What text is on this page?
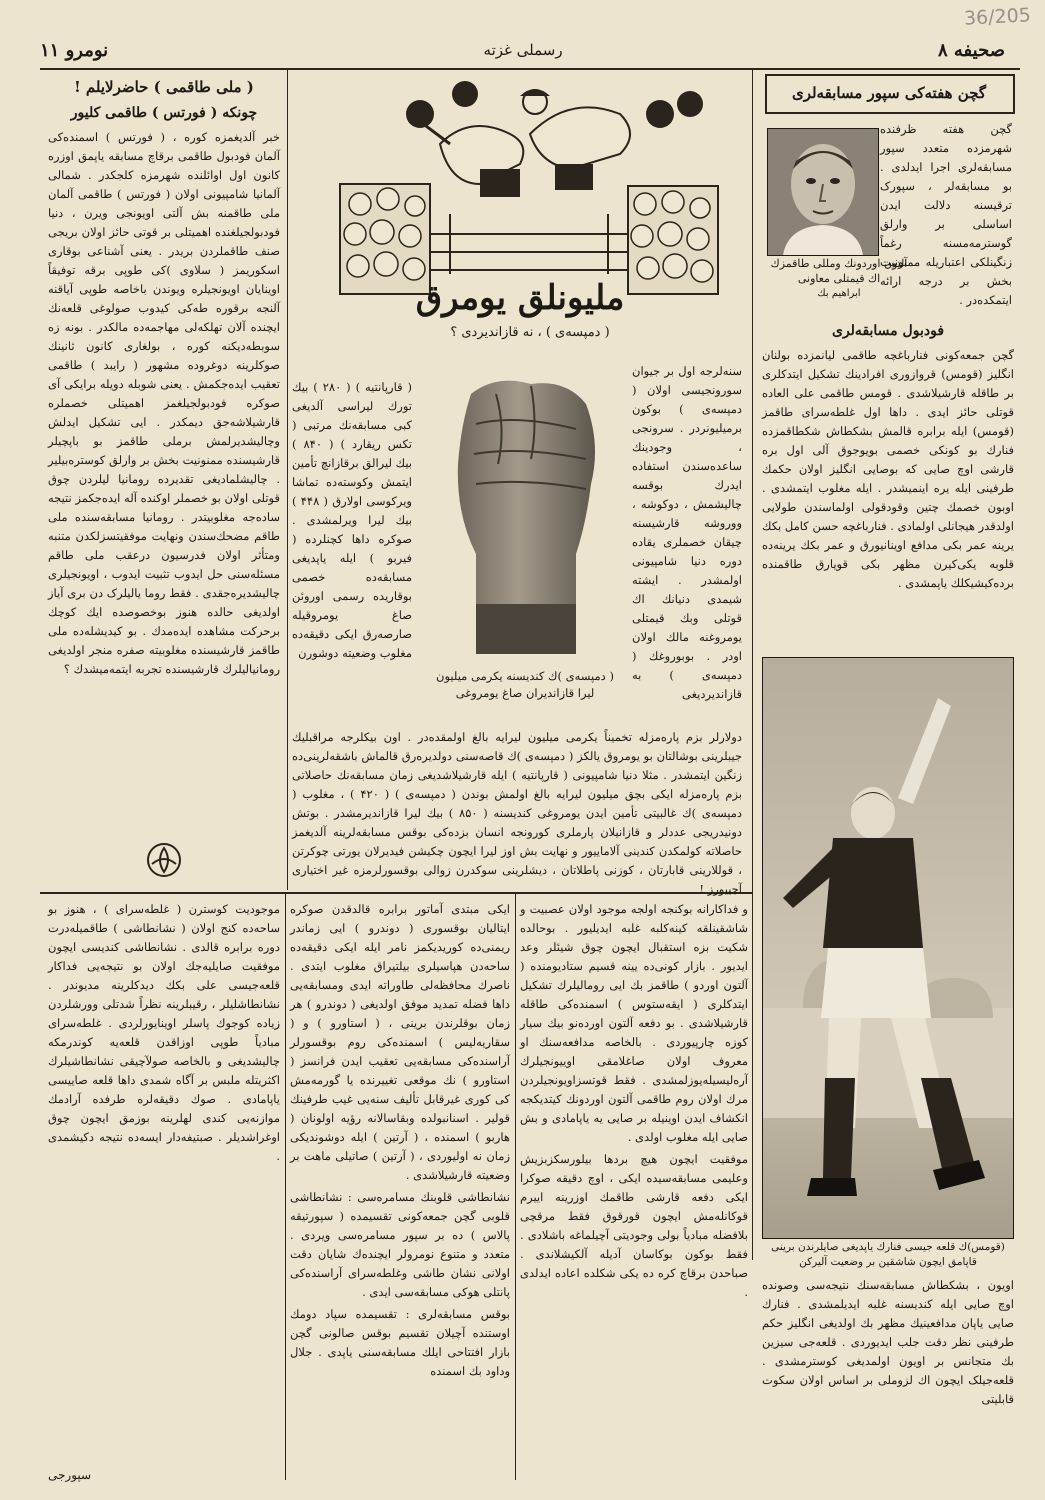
36/205
صحیفه ۸
رسملی غزته
نومرو ۱۱
گچن هفته‌کی سپور مسابقه‌لری

گچن هفته ظرفنده شهرمزده متعدد سپور مسابقه‌لری اجرا ایدلدی . بو مسابقه‌لر ، سپورک ترقیسنه دلالت ایدن اساسلی بر وارلق گوسترمه‌مسنه رغماً زنگینلکی اعتباریله ممنونیت بخش بر درجه ارائه ایتمکده‌در .

آلتون اوردونك ومللی طاقمزك
اك قیمتلی معاونی
ابراهیم بك
فودبول مسابقه‌لری

گچن جمعه‌کونی فنارباغچه طاقمی لیانمزده بولنان انگلیز (قومس) قروازوری افرادینك تشکیل ایتدکلری بر طاقله قارشیلاشدی . قومس طاقمی علی العاده قوتلی حائز ایدی . داها اول غلطه‌سرای طاقمز (قومس) ایله برابره قالمش بشکطاش شکطاقمزده فنارك بو کونکی خصمی بویوجوق آلی اول بره قارشی اوچ صایی که بوصایی انگلیز اولان حکمك طرفینی ایله یره اینمیشدر . ایله مغلوب ایتمشدی . اوبون خصمك چتین وقودقولی اولماسندن طولایی اولدقدر هیجانلی اولمادی . فنارباغچه حسن کامل بکك یرینه عمر بکی مدافع اوینانیورق و عمر بکك یرینه‌ده قلوبه یکی‌کیرن مظهر بکی قویارق طاقمنده برده‌کیشیکلك یاپمشدی .

(قومس)ك قلعه جیسی فنارك یاپدیغی صایلرندن برینی قاپامق ایچون شاشقین بر وضعیت آلیرکن

اویون ، بشکطاش مسابقه‌سنك نتیجه‌سی وصونده اوچ صایی ایله کندیسنه غلبه ایدیلمشدی . فنارك صایی یاپان مدافعینیك مظهر بك اولدیغی انگلیز حکم طرفینی نظر دقت جلب ایدیوردی . قلعه‌جی سیزین بك متجانس بر اویون اولمدیغی کوسترمشدی . قلعه‌جیلک ایچون اك لزوملی بر اساس اولان سکوت قابلیتی

( ملی طاقمی ) حاضرلایلم !
چونکه ( فورتس ) طاقمی کلیور

خبر آلدیغمزه کوره ، ( فورتس ) اسمنده‌کی آلمان فودبول طاقمی برقاچ مسابقه یاپمق اوزره کانون اول اوائلنده شهرمزه کلجکدر . شمالی آلمانیا شامپیونی اولان ( فورتس ) طاقمی آلمان ملی طاقمنه بش آلتی اویونجی ویرن ، دنیا فودبولجیلغنده اهمیتلی بر قوتی حائز اولان بریجی صنف طاقملردن بریدر . یعنی آشناعی بوقاری اسکوریمز ( سلاوی )کی طوپی برقه توفیقاً اوینایان اویونجیلره ویوندن باخاصه طوپی آیاقنه آلنجه برقوره طه‌کی کیدوب صولوغی قلعه‌نك ایچنده آلان تهلکه‌لی مهاجمه‌ده مالکدر . بونه زه سوبطه‌دیکنه کوره ، بولغاری کانون ثانینك صوکلرینه دوغرو‌ده مشهور ( رایبد ) طاقمی تعقیب ایده‌جکمش . یعنی شوبله دویله برایکی آی صوکره فودبولجیلغمز اهمیتلی خصملره قارشیلاشه‌جق دیمکدر . ایی تشکیل ایدلش وچالیشدیرلمش برملی طاقمز بو باپچیلر قارشیسنده ممنونیت بخش بر وارلق کوستره‌بیلیر . چالیشلمادیغی تقدیرده رومانیا لیلردن چوق قوتلی اولان بو خصملر اوکنده آله ایده‌جکمز نتیجه ساده‌جه مغلوبیتدر . رومانیا مسابقه‌سنده ملی طاقم مضحك‌سندن ونهایت موفقیتسزلکدن متنبه ومتأثر اولان فدرسیون درعقب ملی طاقم مسئله‌سنی حل ایدوب تثبیت ایدوب ، اویونجیلری چالیشدیره‌جقدی . فقط روما یالیلرک دن بری آیاز اولدیغی حالده هنوز بوخصوصده ایك کوچك برحرکت مشاهده ایده‌مدك . بو کیدیشله‌ده ملی طاقمز قارشیسنده مغلوبیته صفره منجر اولدیغی رومانیالیلرك قارشیسنده تجربه ایتمه‌میشدك ؟

ملیونلق یومرق
( دمپسه‌ی ) ، نه قازاندیردی ؟
( دمپسه‌ی )ك کندیسنه یکرمی میلیون
لیرا قازاندیران صاغ یومروغی

( قارپانتیه ) ( ۲۸۰ ) بیك تورك لیراسی آلدیغی کبی مسابقه‌نك مرتبی ( تکس ریقارد ) ( ۸۴۰ ) بیك لیرالق برقازانچ تأمین ایتمش وکوسته‌ده تماشا ویرکوسی اولارق ( ۴۴۸ ) بیك لیرا ویرلمشدی . صوکره داها کچنلرده ( فیربو ) ایله یاپدیغی مسابقه‌ده خصمی بوقاریده رسمی اوروئن صاغ یومروقیله صارصه‌رق ایکی دقیقه‌ده مغلوب وضعیته دوشورن

سنه‌لرجه اول بر جیوان سورونجیسی اولان ( دمپسه‌ی ) بوکون برمیلیونردر . سرونجی ، وجودینك ساعده‌سندن استفاده ایدرك بوقسه چالیشمش ، دوکوشه ، ووروشه قارشیسنه چیقان خصملری یقاده دوره دنیا شامپیونی اولمشدر . ایشته شیمدی دنیانك اك قوتلی وبك قیمتلی یومروغنه مالك اولان اودر . بوبوروغك ( دمپسه‌ی ) به قازاندیردیغی

دولارلر بزم پاره‌مزله تخمیناً یکرمی میلیون لیرایه بالغ اولمقده‌در . اون بیکلرجه مراقبلیك جیبلرینی بوشالتان بو یومروق یالکز ( دمپسه‌ی )ك قاصه‌سنی دولدیره‌رق قالماش باشقه‌لرینی‌ده زنگین ایتمشدر . مثلا دنیا شامپیونی ( قارپانتیه ) ایله قارشیلاشدیغی زمان مسابقه‌نك حاصلاتی بزم پاره‌مزله ایکی بچق میلیون لیرایه بالغ اولمش بوندن ( دمپسه‌ی ) ( ۴۲۰ ) ، مغلوب ( دمپسه‌ی )ك غالبیتی تأمین ایدن یومروغی کندیسنه ( ۸۵۰ ) بیك لیرا قازاندیرمشدر . بوتش دونیدریجی عددلر و قازانیلان پارملری کورونجه انسان بزده‌کی بوقس مسابقه‌لرینه آلدیغمز حاصلاته کولمکدن کندینی آلاماییور و نهایت بش اوز لیرا ایچون چکیشن فیدیرلان یورتی چوکرتن ، قوللارینی قابارتان ، کوزنی پاطلاتان ، دیشلرینی سوکدرن زوالی بوقسورلرمزه غیر اختیاری آجییورز !

و فداکارانه بوکنجه اولجه موجود اولان عصبیت و شاشقینلقه کینه‌کلبه غلبه ایدیلیور . بوحالده شکیت بزه استقبال ایچون چوق شیئلر وعد ایدیور . بازار کونی‌ده یینه قسیم ستادیومنده ( آلتون اوردو ) طاقمز بك ایی رومالیلرك تشکیل ایتدکلری ( ایقه‌ستوس ) اسمنده‌کی طاقله قارشیلاشدی . بو دفعه آلتون اورده‌نو بیك سیار کوزه چارپیوردی . بالخاصه مدافعه‌سنك او معروف اولان صاغلامقی اوییونجیلرك آره‌لیسیله‌یوزلمشدی . فقط قوتسزاویونجیلردن مرك اولان روم طاقمی آلتون اوردونك کیتدیکجه انکشاف ایدن اوینیله بر صایی یه یاپامادی و بش صایی ایله مغلوب اولدی .

موفقیت ایچون هیچ بردها بیلورسکزبزیش وعلیمی مسابقه‌سیده ایکی ، اوچ دقیقه صوکرا ایکی دفعه قارشی طاقمك اوزرینه اییرم قوکانله‌مش ایچون قورقوق فقط مرقچی بلافضله مبادیاً بولی وجودیتی آچیلماغه باشلادی . فقط بوکون بوکاسان آدیله آلکیشلاندی . صباحدن برقاچ کره ده یکی شکلده اعاده ایدلدی .

ایکی مبتدی آماتور برابره قالدقدن صوکره ایتالیان بوقسوری ( دوندرو ) ایی زماندر ریمنی‌ده کوریدیکمز نامر ایله ایکی دقیقه‌ده ساحه‌دن هپاسیلری بیلتیراق مغلوب ایتدی . ناصرك محافظه‌لی طاوراته ایدی ومسابقه‌یی داها فضله تمدید موفق اولدیغی ( دوندرو ) هر زمان بوقلرندن برینی ، ( استاورو ) و ( سقاریه‌لیس ) اسمنده‌کی روم بوقسورلر آراسنده‌کی مسابقه‌یی تعقیب ایدن فرانسز ( استاورو ) نك موقعی تغییرنده یا گورمه‌مش کی کوری غیرقابل تألیف سنه‌یی غیب طرفینك قولیر . اسنانبولده وبقاسالانه رؤیه اولونان ( هاربو ) اسمنده ، ( آرتین ) ایله دوشوندیکی زمان نه اولیوردی ، ( آرتین ) صاتیلی ماهت بر وضعیته قارشیلاشدی .

نشانطاشی قلوبنك مسامره‌سی : نشانطاشی قلوبی گچن جمعه‌کونی تقسیمده ( سپورتیقه پالاس ) ده بر سپور مسامره‌سی ویردی . متعدد و متنوع نومرولر ایچنده‌ك شایان دقت اولانی نشان طاشی وغلطه‌سرای آراسنده‌کی پانتلی هوکی مسابقه‌سی ایدی .

بوقس مسابقه‌لری : تقسیمده سپاد دومك اوستنده آچیلان تقسیم بوقس صالونی گچن بازار افتتاحی ایلك مسابقه‌سنی یاپدی . جلال وداود بك اسمنده

موجودیت کوسترن ( غلطه‌سرای ) ، هنوز بو ساحه‌ده کنج اولان ( نشانطاشی ) طاقمیله‌درت دوره برابره قالدی . نشانطاشی کندیسی ایچون موفقیت صایلیه‌جك اولان بو نتیجه‌یی فداکار قلعه‌جیسی علی بکك دیدکلرینه مدیوندر . نشانطاشلیلر ، رقیبلرینه نظراً شدتلی وورشلردن زیاده کوجوك پاسلر اوینایورلردی . غلطه‌سرای مبادیاً طوپی اوزاقدن قلعه‌یه کوندرمکه چالیشدیغی و بالخاصه صولآچیقی نشانطاشیلرك اکثریتله ملبس بر آگاه شمدی داها قلعه صاییسی یاپامادی . صوك دقیقه‌لره طرفده آرادمك موازنه‌یی کندی لهلرینه بوزمق ایچون چوق اوغراشدیلر . صبتیفه‌دار ایسه‌ده نتیجه دکیشمدی .

سپورجی
